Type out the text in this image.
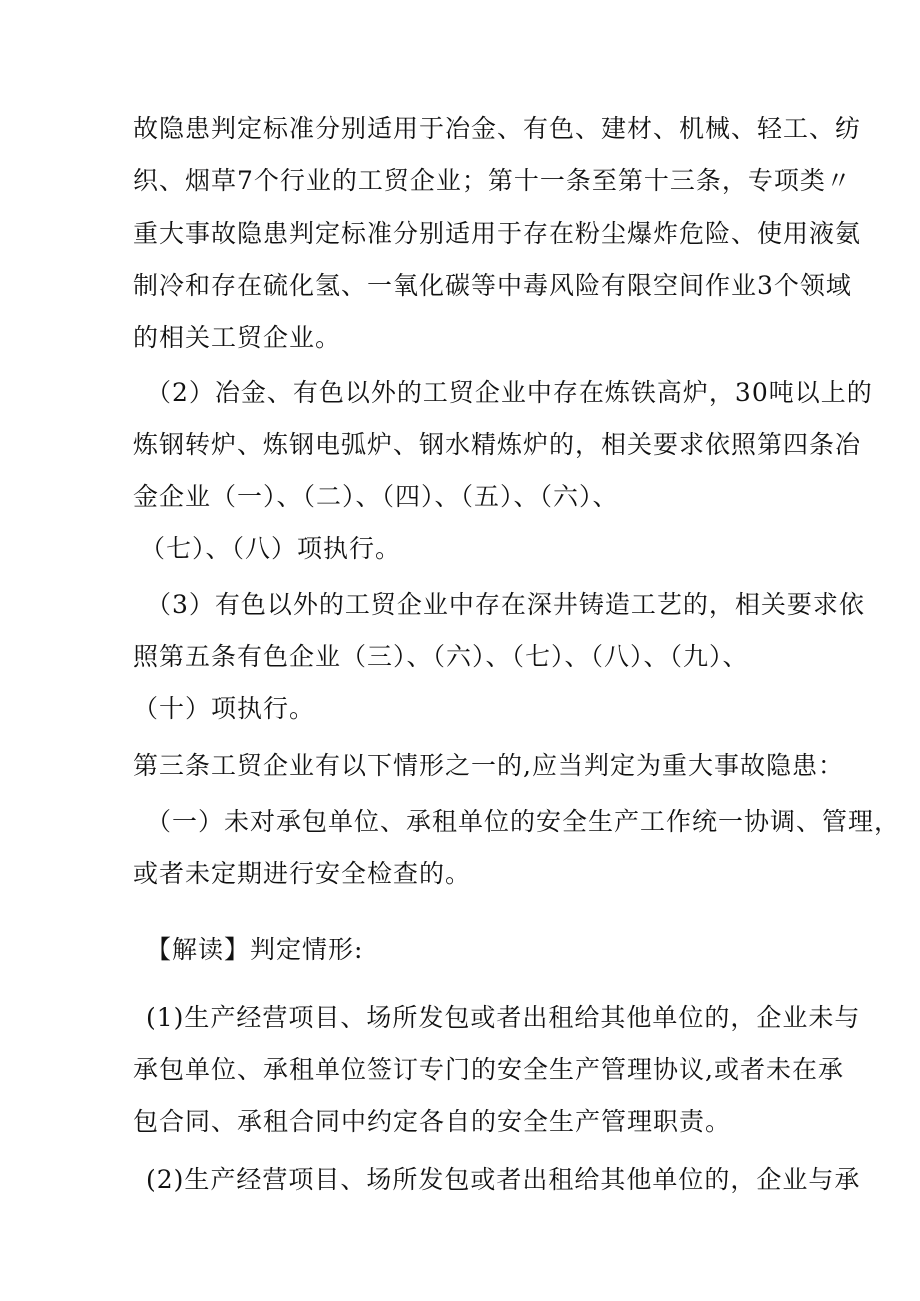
故隐患判定标准分别适用于冶金、有色、建材、机械、轻工、纺
织、烟草7个行业的工贸企业；第十一条至第十三条，专项类〃
重大事故隐患判定标准分别适用于存在粉尘爆炸危险、使用液氨
制冷和存在硫化氢、一氧化碳等中毒风险有限空间作业3个领域
的相关工贸企业。
（2）冶金、有色以外的工贸企业中存在炼铁高炉，30吨以上的
炼钢转炉、炼钢电弧炉、钢水精炼炉的，相关要求依照第四条冶
金企业（一）、（二）、（四）、（五）、（六）、
（七）、（八）项执行。
（3）有色以外的工贸企业中存在深井铸造工艺的，相关要求依
照第五条有色企业（三）、（六）、（七）、（八）、（九）、
（十）项执行。
第三条工贸企业有以下情形之一的,应当判定为重大事故隐患：
（一）未对承包单位、承租单位的安全生产工作统一协调、管理，
或者未定期进行安全检查的。
【解读】判定情形:
(1)生产经营项目、场所发包或者出租给其他单位的，企业未与
承包单位、承租单位签订专门的安全生产管理协议,或者未在承
包合同、承租合同中约定各自的安全生产管理职责。
(2)生产经营项目、场所发包或者出租给其他单位的，企业与承
